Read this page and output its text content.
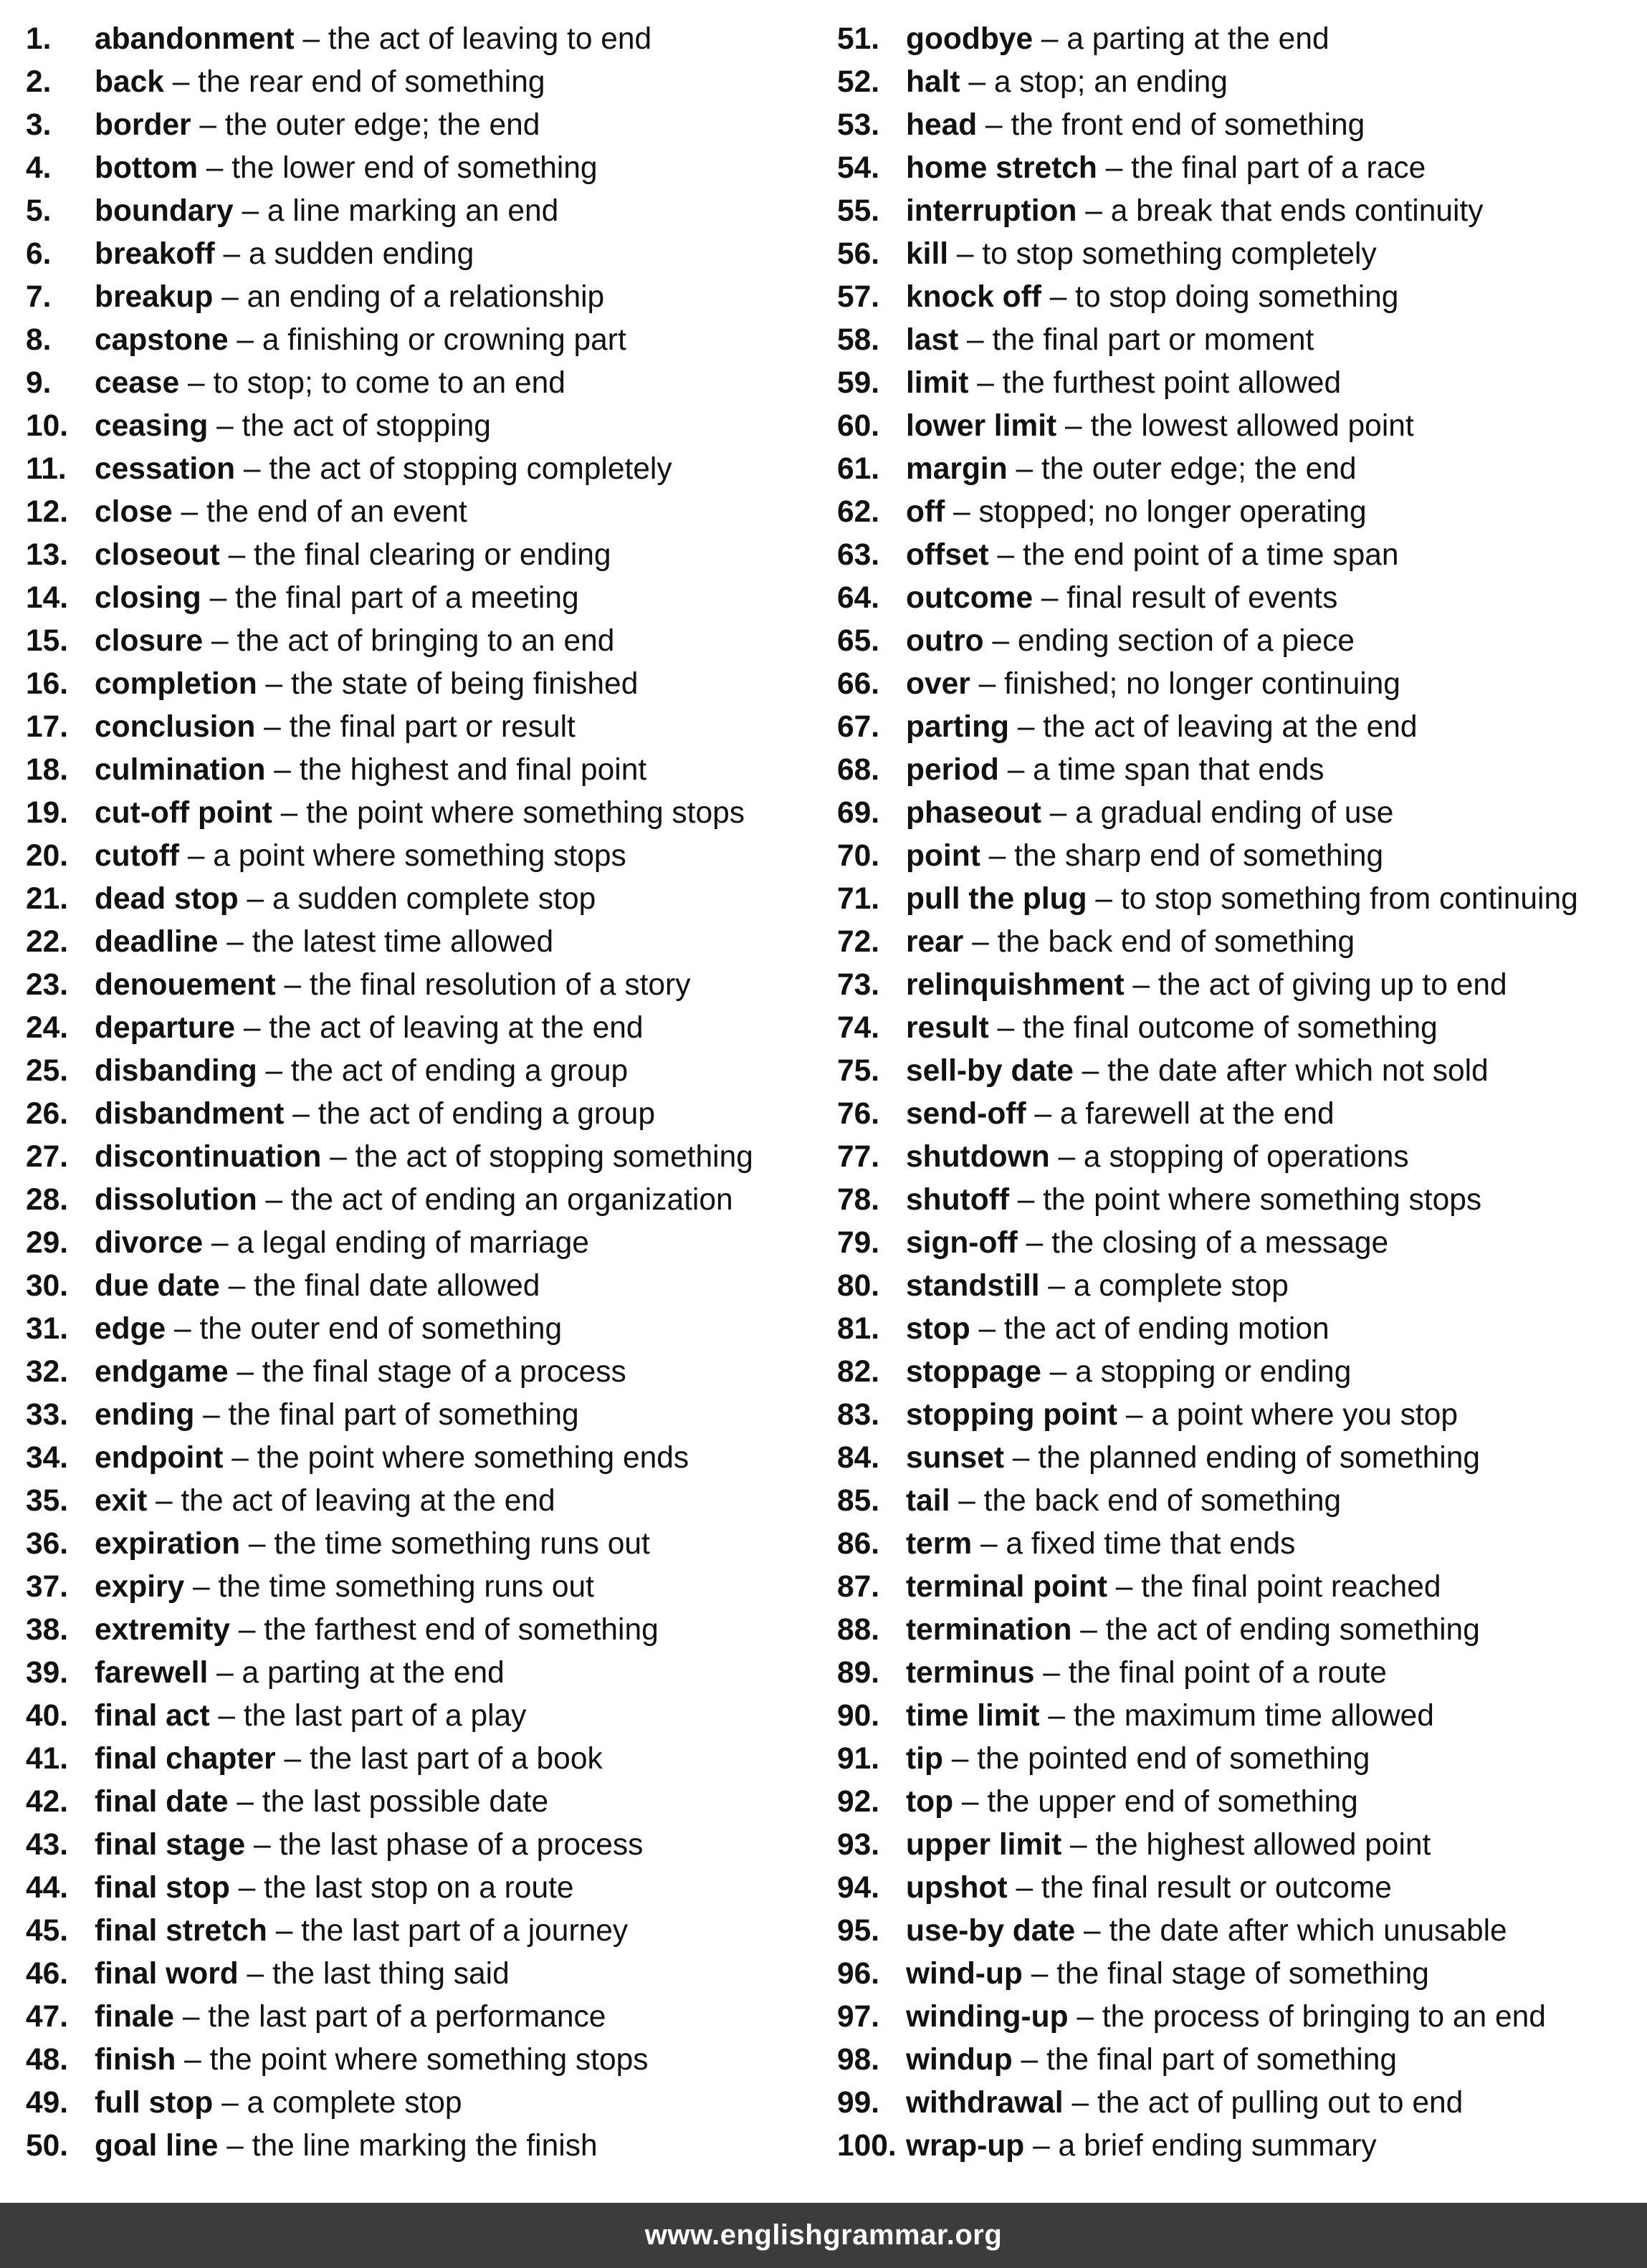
1. abandonment – the act of leaving to end
2. back – the rear end of something
3. border – the outer edge; the end
4. bottom – the lower end of something
5. boundary – a line marking an end
6. breakoff – a sudden ending
7. breakup – an ending of a relationship
8. capstone – a finishing or crowning part
9. cease – to stop; to come to an end
10. ceasing – the act of stopping
11. cessation – the act of stopping completely
12. close – the end of an event
13. closeout – the final clearing or ending
14. closing – the final part of a meeting
15. closure – the act of bringing to an end
16. completion – the state of being finished
17. conclusion – the final part or result
18. culmination – the highest and final point
19. cut-off point – the point where something stops
20. cutoff – a point where something stops
21. dead stop – a sudden complete stop
22. deadline – the latest time allowed
23. denouement – the final resolution of a story
24. departure – the act of leaving at the end
25. disbanding – the act of ending a group
26. disbandment – the act of ending a group
27. discontinuation – the act of stopping something
28. dissolution – the act of ending an organization
29. divorce – a legal ending of marriage
30. due date – the final date allowed
31. edge – the outer end of something
32. endgame – the final stage of a process
33. ending – the final part of something
34. endpoint – the point where something ends
35. exit – the act of leaving at the end
36. expiration – the time something runs out
37. expiry – the time something runs out
38. extremity – the farthest end of something
39. farewell – a parting at the end
40. final act – the last part of a play
41. final chapter – the last part of a book
42. final date – the last possible date
43. final stage – the last phase of a process
44. final stop – the last stop on a route
45. final stretch – the last part of a journey
46. final word – the last thing said
47. finale – the last part of a performance
48. finish – the point where something stops
49. full stop – a complete stop
50. goal line – the line marking the finish
51. goodbye – a parting at the end
52. halt – a stop; an ending
53. head – the front end of something
54. home stretch – the final part of a race
55. interruption – a break that ends continuity
56. kill – to stop something completely
57. knock off – to stop doing something
58. last – the final part or moment
59. limit – the furthest point allowed
60. lower limit – the lowest allowed point
61. margin – the outer edge; the end
62. off – stopped; no longer operating
63. offset – the end point of a time span
64. outcome – final result of events
65. outro – ending section of a piece
66. over – finished; no longer continuing
67. parting – the act of leaving at the end
68. period – a time span that ends
69. phaseout – a gradual ending of use
70. point – the sharp end of something
71. pull the plug – to stop something from continuing
72. rear – the back end of something
73. relinquishment – the act of giving up to end
74. result – the final outcome of something
75. sell-by date – the date after which not sold
76. send-off – a farewell at the end
77. shutdown – a stopping of operations
78. shutoff – the point where something stops
79. sign-off – the closing of a message
80. standstill – a complete stop
81. stop – the act of ending motion
82. stoppage – a stopping or ending
83. stopping point – a point where you stop
84. sunset – the planned ending of something
85. tail – the back end of something
86. term – a fixed time that ends
87. terminal point – the final point reached
88. termination – the act of ending something
89. terminus – the final point of a route
90. time limit – the maximum time allowed
91. tip – the pointed end of something
92. top – the upper end of something
93. upper limit – the highest allowed point
94. upshot – the final result or outcome
95. use-by date – the date after which unusable
96. wind-up – the final stage of something
97. winding-up – the process of bringing to an end
98. windup – the final part of something
99. withdrawal – the act of pulling out to end
100. wrap-up – a brief ending summary
www.englishgrammar.org
